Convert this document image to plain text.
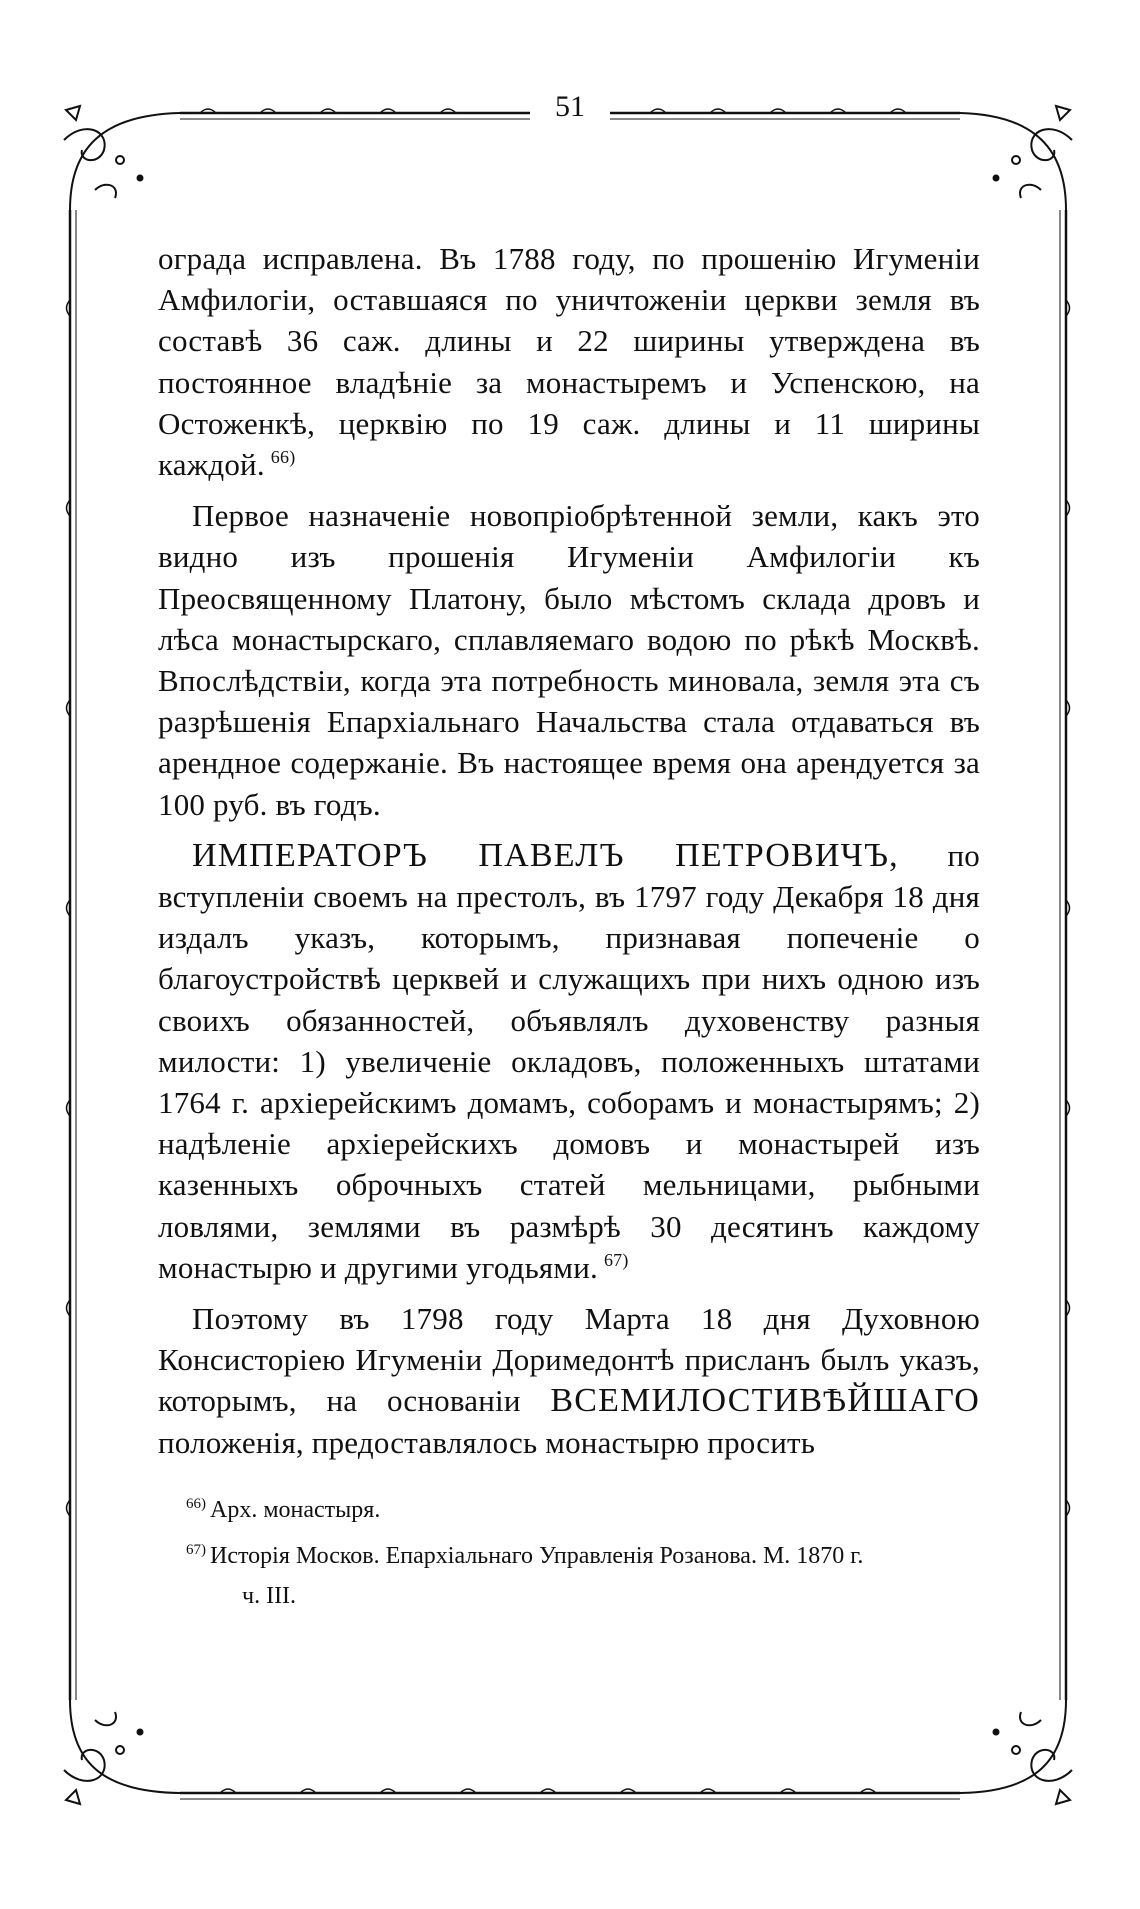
51

ограда исправлена. Въ 1788 году, по прошенію Игуменіи Амфилогіи, оставшаяся по уничтоженіи церкви земля въ составѣ 36 саж. длины и 22 ширины утверждена въ постоянное владѣніе за монастыремъ и Успенскою, на Остоженкѣ, церквію по 19 саж. длины и 11 ширины каждой. $^{66)}$

Первое назначеніе новопріобрѣтенной земли, какъ это видно изъ прошенія Игуменіи Амфилогіи къ Преосвященному Платону, было мѣстомъ склада дровъ и лѣса монастырскаго, сплавляемаго водою по рѣкѣ Москвѣ. Впослѣдствіи, когда эта потребность миновала, земля эта съ разрѣшенія Епархіальнаго Начальства стала отдаваться въ арендное содержаніе. Въ настоящее время она арендуется за 100 руб. въ годъ.

ИМПЕРАТОРЪ ПАВЕЛЪ ПЕТРОВИЧЪ, по вступленіи своемъ на престолъ, въ 1797 году Декабря 18 дня издалъ указъ, которымъ, признавая попеченіе о благоустройствѣ церквей и служащихъ при нихъ одною изъ своихъ обязанностей, объявлялъ духовенству разныя милости: 1) увеличеніе окладовъ, положенныхъ штатами 1764 г. архіерейскимъ домамъ, соборамъ и монастырямъ; 2) надѣленіе архіерейскихъ домовъ и монастырей изъ казенныхъ оброчныхъ статей мельницами, рыбными ловлями, землями въ размѣрѣ 30 десятинъ каждому монастырю и другими угодьями. $^{67)}$

Поэтому въ 1798 году Марта 18 дня Духовною Консисторіею Игуменіи Доримедонтѣ присланъ былъ указъ, которымъ, на основаніи ВСЕМИЛОСТИВѢЙШАГО положенія, предоставлялось монастырю просить

$^{66)}$ Арх. монастыря.

$^{67)}$ Исторія Москов. Епархіальнаго Управленія Розанова. М. 1870 г.
ч. III.
